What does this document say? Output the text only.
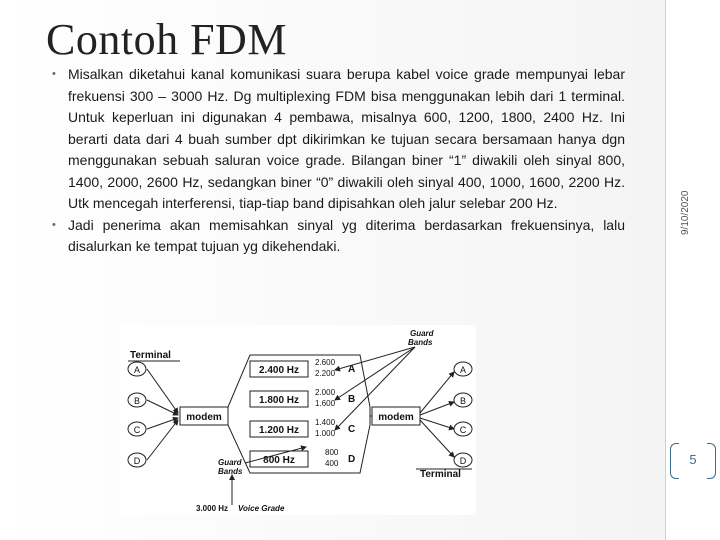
9/10/2020
5
Contoh FDM
• Misalkan diketahui kanal komunikasi suara berupa kabel voice grade mempunyai lebar frekuensi 300 – 3000 Hz. Dg multiplexing FDM bisa menggunakan lebih dari 1 terminal. Untuk keperluan ini digunakan 4 pembawa, misalnya 600, 1200, 1800, 2400 Hz. Ini berarti data dari 4 buah sumber dpt dikirimkan ke tujuan secara bersamaan hanya dgn menggunakan sebuah saluran voice grade. Bilangan biner “1” diwakili oleh sinyal 800, 1400, 2000, 2600 Hz, sedangkan biner “0” diwakili oleh sinyal 400, 1000, 1600, 2200 Hz. Utk mencegah interferensi, tiap-tiap band dipisahkan oleh jalur selebar 200 Hz.
• Jadi penerima akan memisahkan sinyal yg diterima berdasarkan frekuensinya, lalu disalurkan ke tempat tujuan yg dikehendaki.
Terminal
A
B
C
D
modem
2.400 Hz
1.800 Hz
1.200 Hz
800 Hz
2.600
2.200
2.000
1.600
1.400
1.000
800
400
A
B
C
D
Guard
Bands
Guard
Bands
modem
A
B
C
D
Terminal
3.000 Hz Voice Grade
